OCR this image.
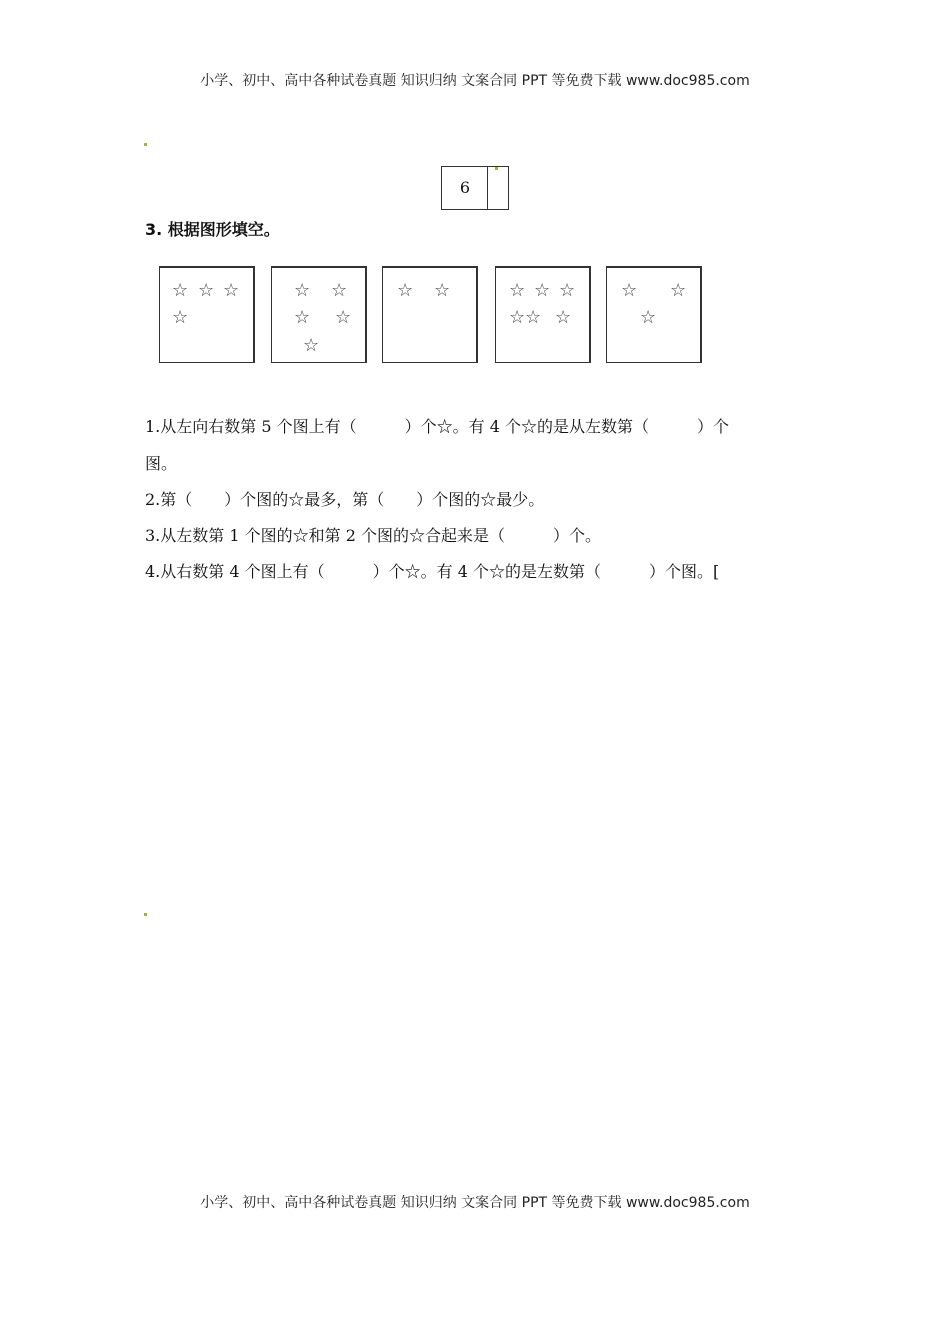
小学、初中、高中各种试卷真题 知识归纳 文案合同 PPT 等免费下载 www.doc985.com
6
3. 根据图形填空。
☆ ☆ ☆
☆
☆ ☆
☆ ☆
☆
☆ ☆	☆ ☆ ☆
☆ ☆ ☆
☆ ☆
☆
1.从左向右数第 5 个图上有（　　　）个☆。有 4 个☆的是从左数第（　　　）个
图。
2.第（　　）个图的☆最多，第（　　）个图的☆最少。
3.从左数第 1 个图的☆和第 2 个图的☆合起来是（　　　）个。
4.从右数第 4 个图上有（　　　）个☆。有 4 个☆的是左数第（　　　）个图。[
小学、初中、高中各种试卷真题 知识归纳 文案合同 PPT 等免费下载 www.doc985.com
